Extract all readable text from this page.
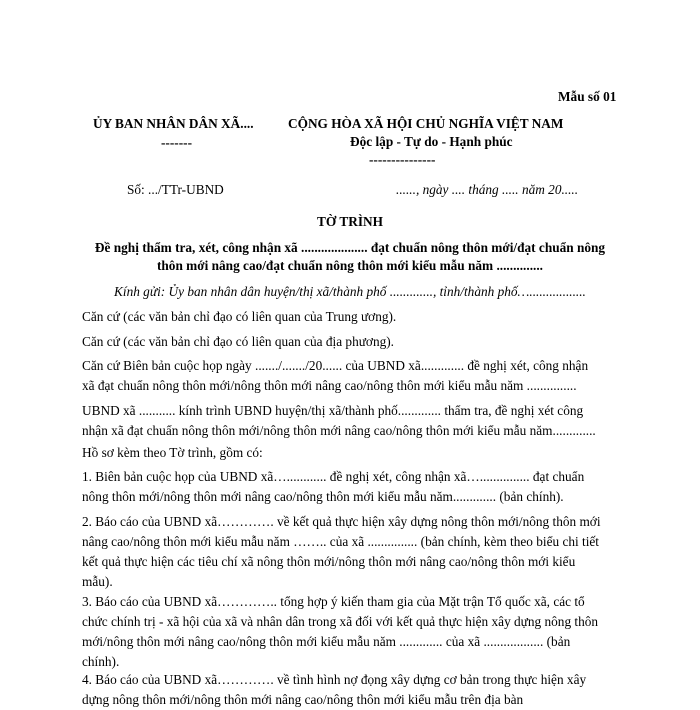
Mẫu số 01
ỦY BAN NHÂN DÂN XÃ....
-------
CỘNG HÒA XÃ HỘI CHỦ NGHĨA VIỆT NAM
Độc lập - Tự do - Hạnh phúc
---------------
Số: .../TTr-UBND	......, ngày .... tháng ..... năm 20.....
TỜ TRÌNH
Đề nghị thẩm tra, xét, công nhận xã .................... đạt chuẩn nông thôn mới/đạt chuẩn nông
thôn mới nâng cao/đạt chuẩn nông thôn mới kiểu mẫu năm ..............
Kính gửi: Ủy ban nhân dân huyện/thị xã/thành phố ............., tỉnh/thành phố….................
Căn cứ (các văn bản chỉ đạo có liên quan của Trung ương).
Căn cứ (các văn bản chỉ đạo có liên quan của địa phương).
Căn cứ Biên bản cuộc họp ngày ......./......./20...... của UBND xã............. đề nghị xét, công nhận
xã đạt chuẩn nông thôn mới/nông thôn mới nâng cao/nông thôn mới kiểu mẫu năm ...............
UBND xã ........... kính trình UBND huyện/thị xã/thành phố............. thẩm tra, đề nghị xét công
nhận xã đạt chuẩn nông thôn mới/nông thôn mới nâng cao/nông thôn mới kiểu mẫu năm.............
Hồ sơ kèm theo Tờ trình, gồm có:
1. Biên bản cuộc họp của UBND xã…............ đề nghị xét, công nhận xã…............... đạt chuẩn
nông thôn mới/nông thôn mới nâng cao/nông thôn mới kiểu mẫu năm............. (bản chính).
2. Báo cáo của UBND xã…………. về kết quả thực hiện xây dựng nông thôn mới/nông thôn mới
nâng cao/nông thôn mới kiểu mẫu năm …….. của xã ............... (bản chính, kèm theo biểu chi tiết
kết quả thực hiện các tiêu chí xã nông thôn mới/nông thôn mới nâng cao/nông thôn mới kiểu
mẫu).
3. Báo cáo của UBND xã………….. tổng hợp ý kiến tham gia của Mặt trận Tổ quốc xã, các tổ
chức chính trị - xã hội của xã và nhân dân trong xã đối với kết quả thực hiện xây dựng nông thôn
mới/nông thôn mới nâng cao/nông thôn mới kiểu mẫu năm ............. của xã .................. (bản
chính).
4. Báo cáo của UBND xã…………. về tình hình nợ đọng xây dựng cơ bản trong thực hiện xây
dựng nông thôn mới/nông thôn mới nâng cao/nông thôn mới kiểu mẫu trên địa bàn
